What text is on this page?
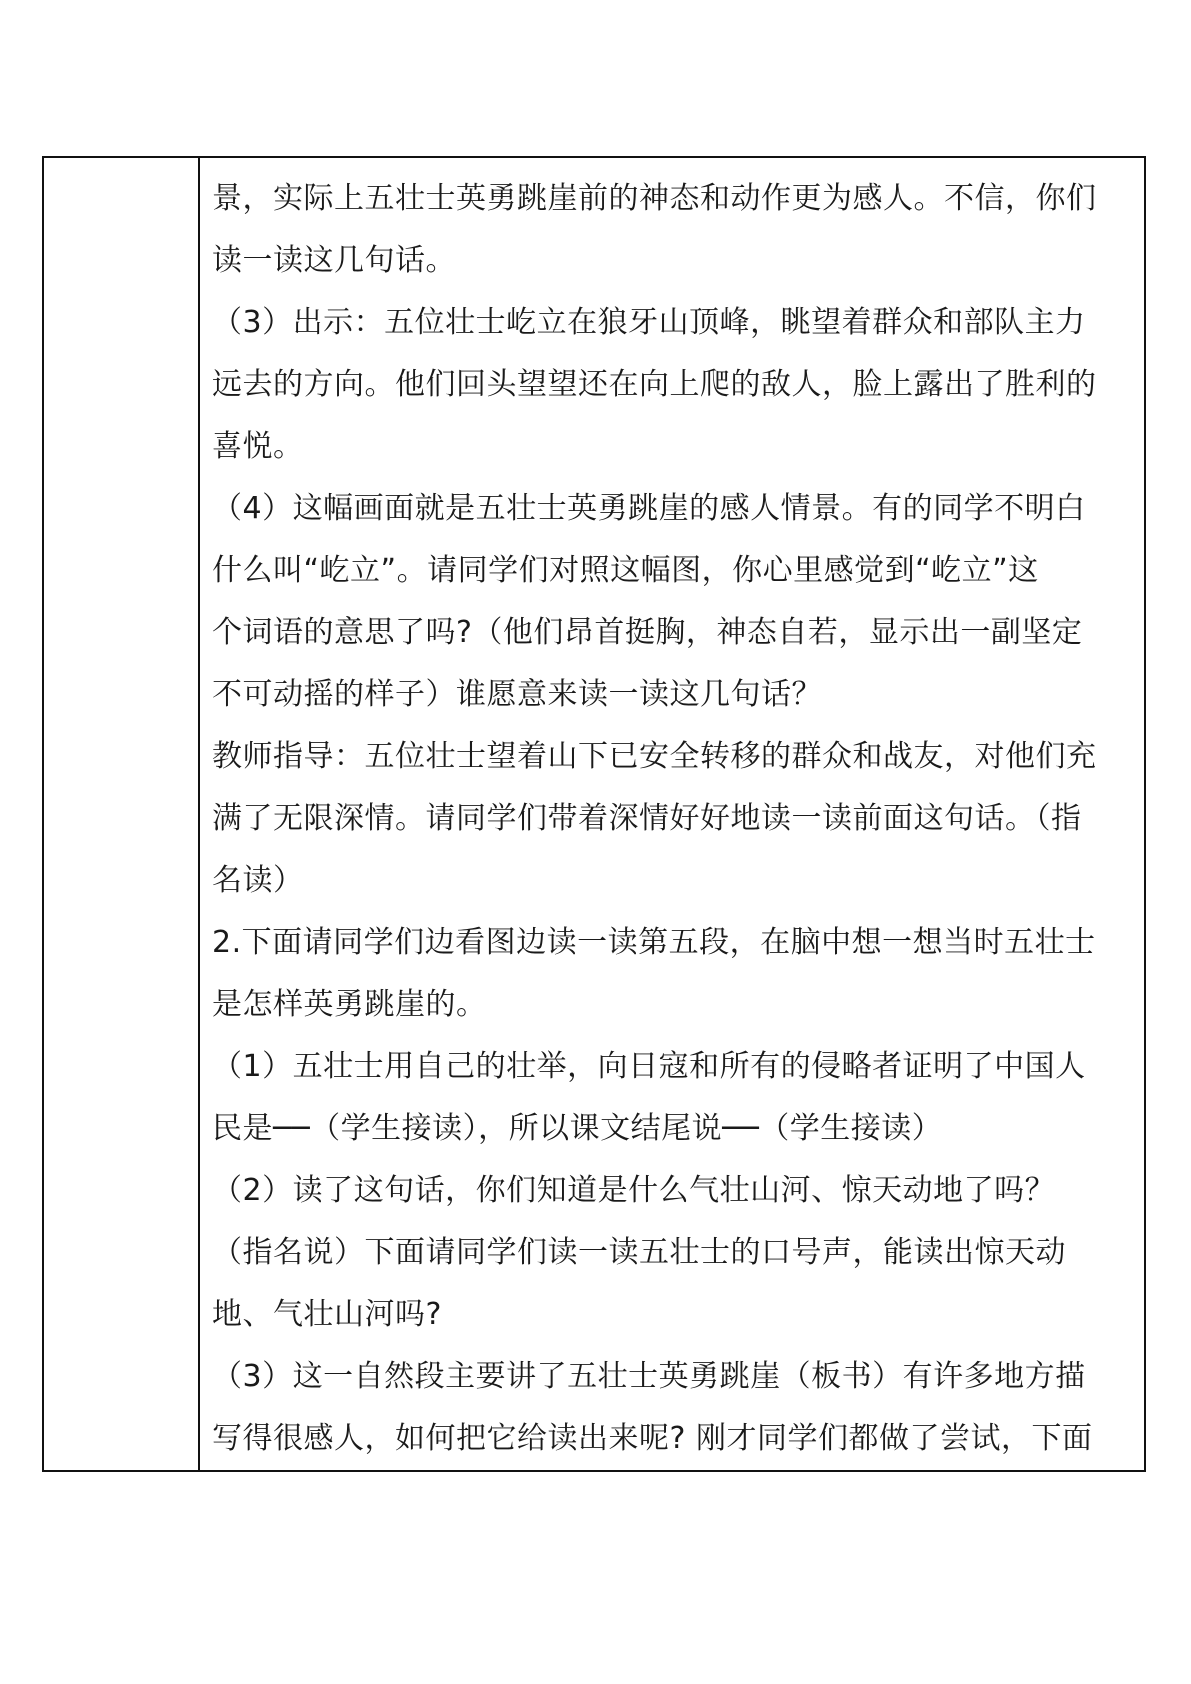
景，实际上五壮士英勇跳崖前的神态和动作更为感人。不信，你们
读一读这几句话。
（3）出示：五位壮士屹立在狼牙山顶峰，眺望着群众和部队主力
远去的方向。他们回头望望还在向上爬的敌人，脸上露出了胜利的
喜悦。
（4）这幅画面就是五壮士英勇跳崖的感人情景。有的同学不明白
什么叫“屹立”。请同学们对照这幅图，你心里感觉到“屹立”这
个词语的意思了吗?（他们昂首挺胸，神态自若，显示出一副坚定
不可动摇的样子）谁愿意来读一读这几句话？
教师指导：五位壮士望着山下已安全转移的群众和战友，对他们充
满了无限深情。请同学们带着深情好好地读一读前面这句话。（指
名读）
2.下面请同学们边看图边读一读第五段，在脑中想一想当时五壮士
是怎样英勇跳崖的。
（1）五壮士用自己的壮举，向日寇和所有的侵略者证明了中国人
民是──（学生接读），所以课文结尾说──（学生接读）
（2）读了这句话，你们知道是什么气壮山河、惊天动地了吗？
（指名说）下面请同学们读一读五壮士的口号声，能读出惊天动
地、气壮山河吗?
（3）这一自然段主要讲了五壮士英勇跳崖（板书）有许多地方描
写得很感人，如何把它给读出来呢? 刚才同学们都做了尝试，下面
